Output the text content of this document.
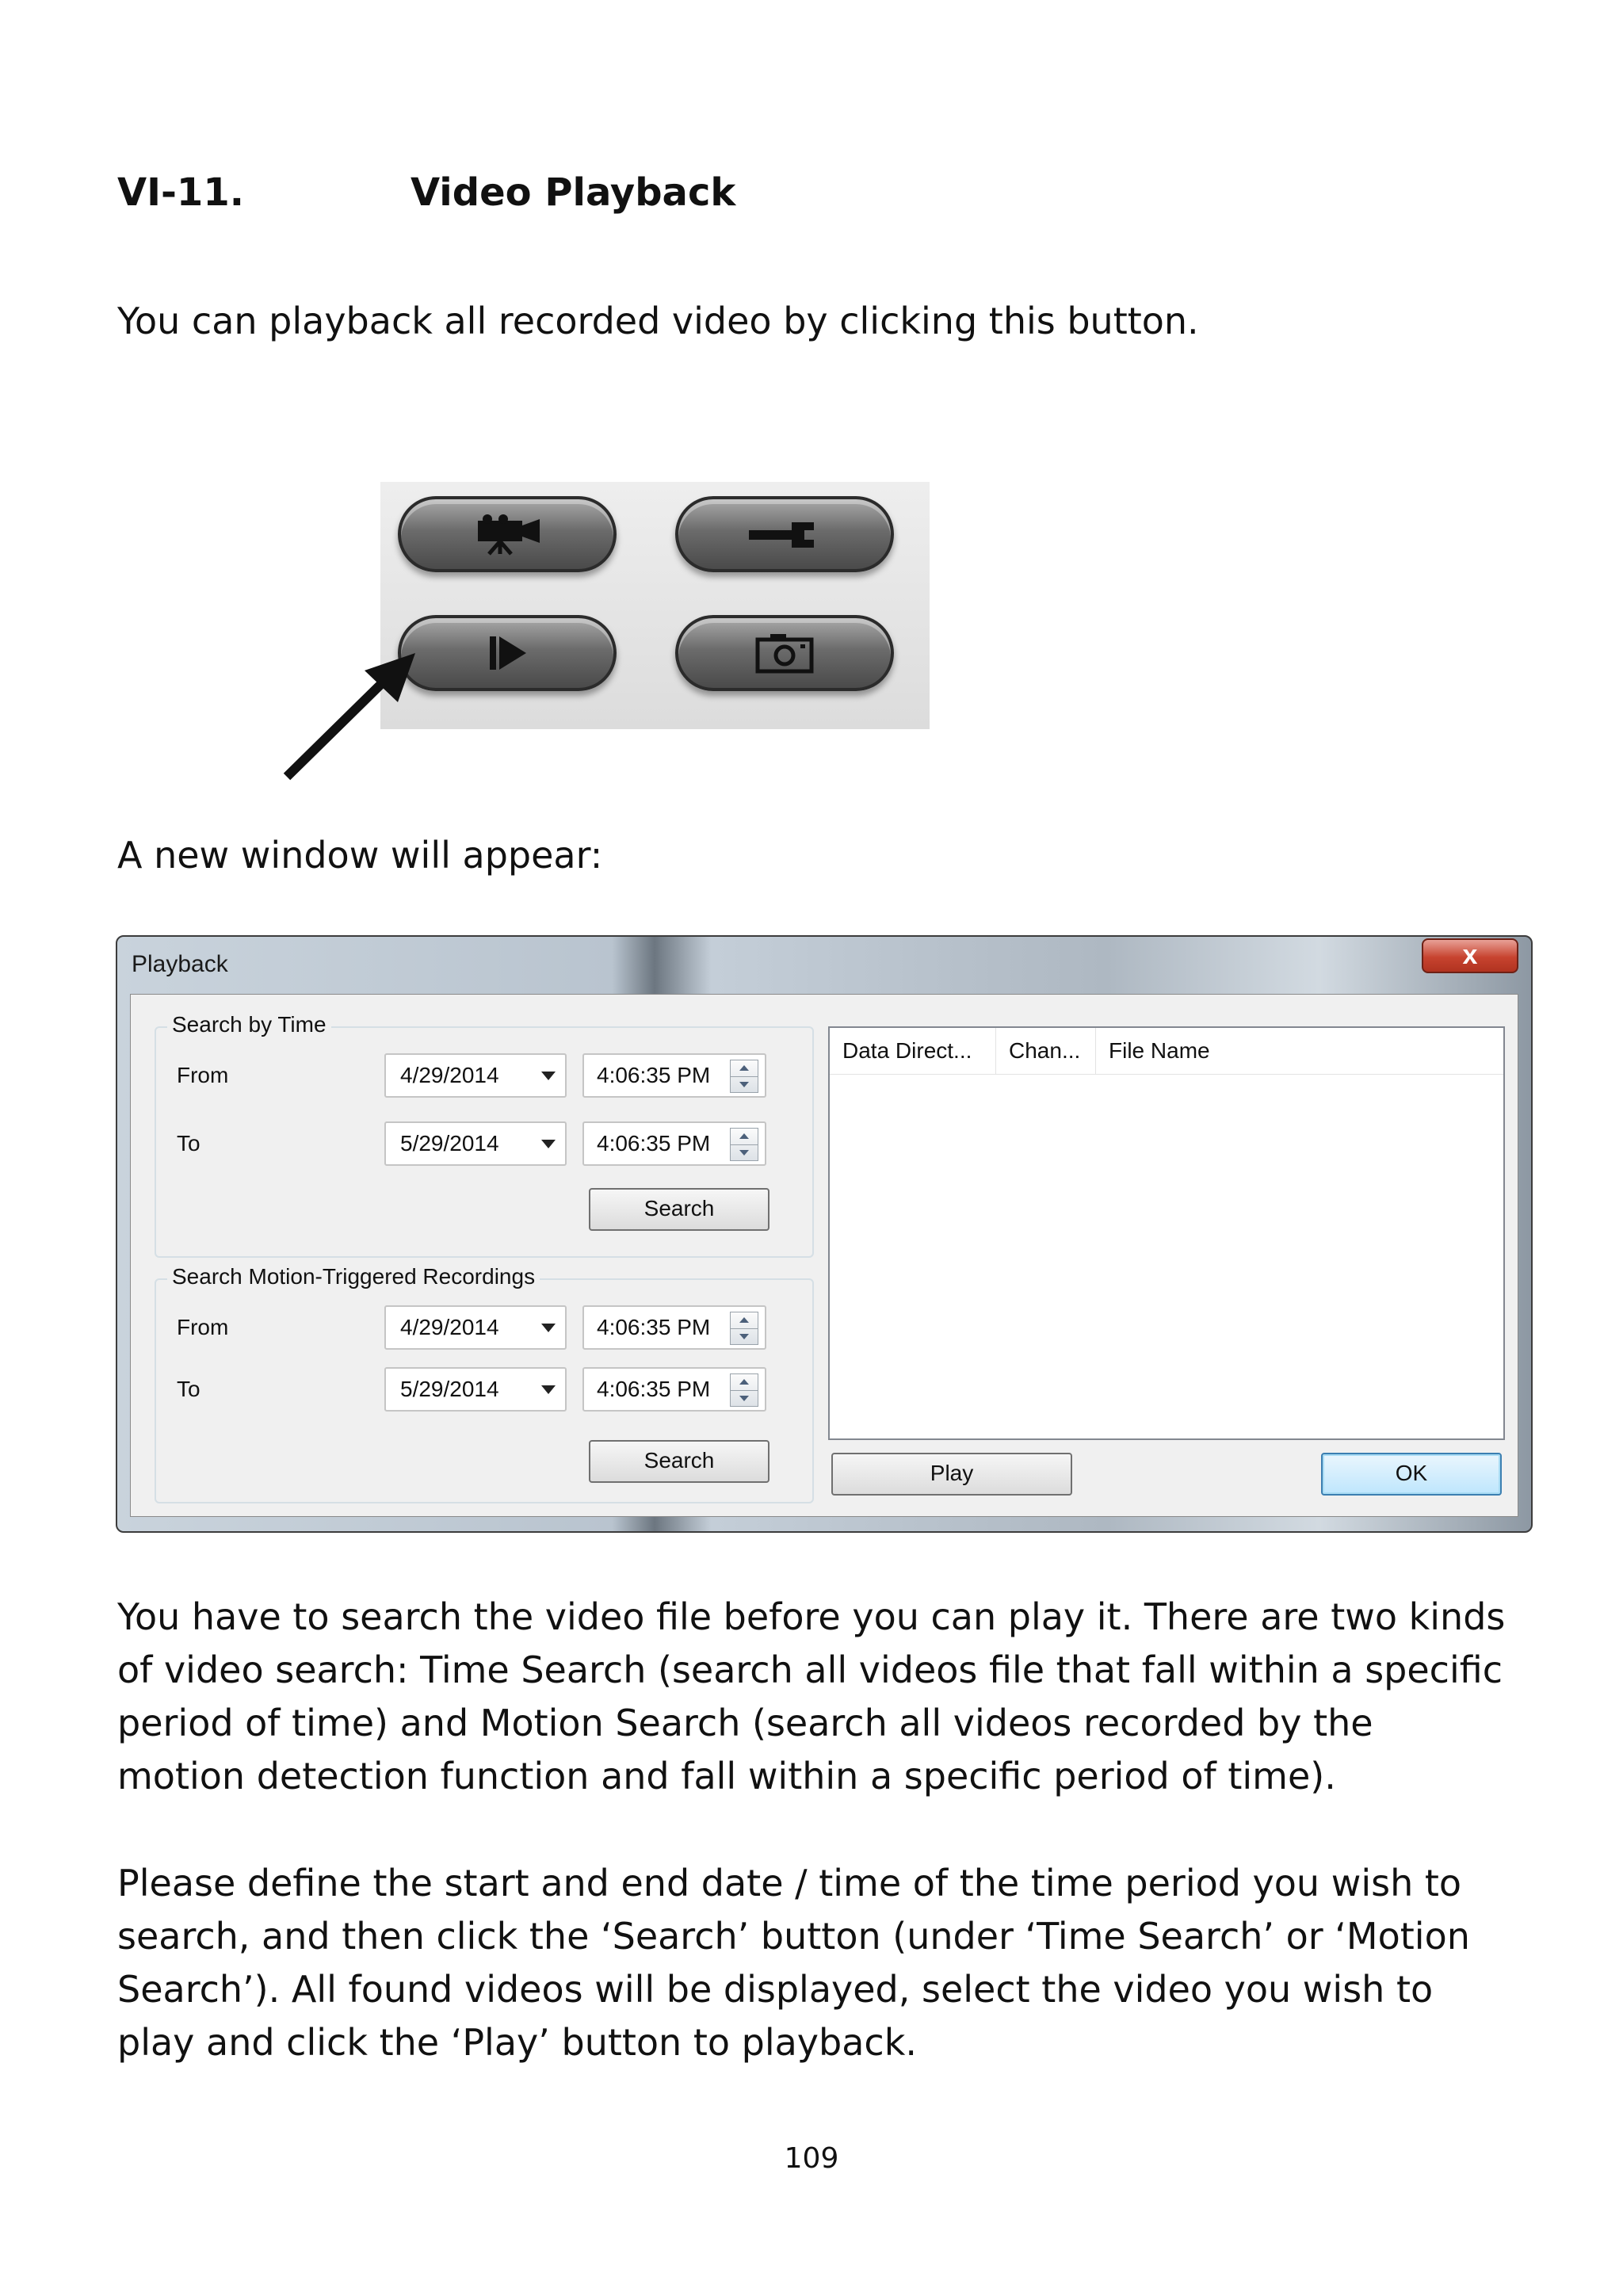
VI-11.	Video Playback
You can playback all recorded video by clicking this button.
A new window will appear:
Playback	x
Search by Time
From	4/29/2014	4:06:35 PM
To	5/29/2014	4:06:35 PM
Search
Search Motion-Triggered Recordings
From	4/29/2014	4:06:35 PM
To	5/29/2014	4:06:35 PM
Search
Data Direct...	Chan...	File Name
Play	OK
You have to search the video file before you can play it. There are two kinds of video search: Time Search (search all videos file that fall within a specific period of time) and Motion Search (search all videos recorded by the motion detection function and fall within a specific period of time).
Please define the start and end date / time of the time period you wish to search, and then click the ‘Search’ button (under ‘Time Search’ or ‘Motion Search’). All found videos will be displayed, select the video you wish to play and click the ‘Play’ button to playback.
109
